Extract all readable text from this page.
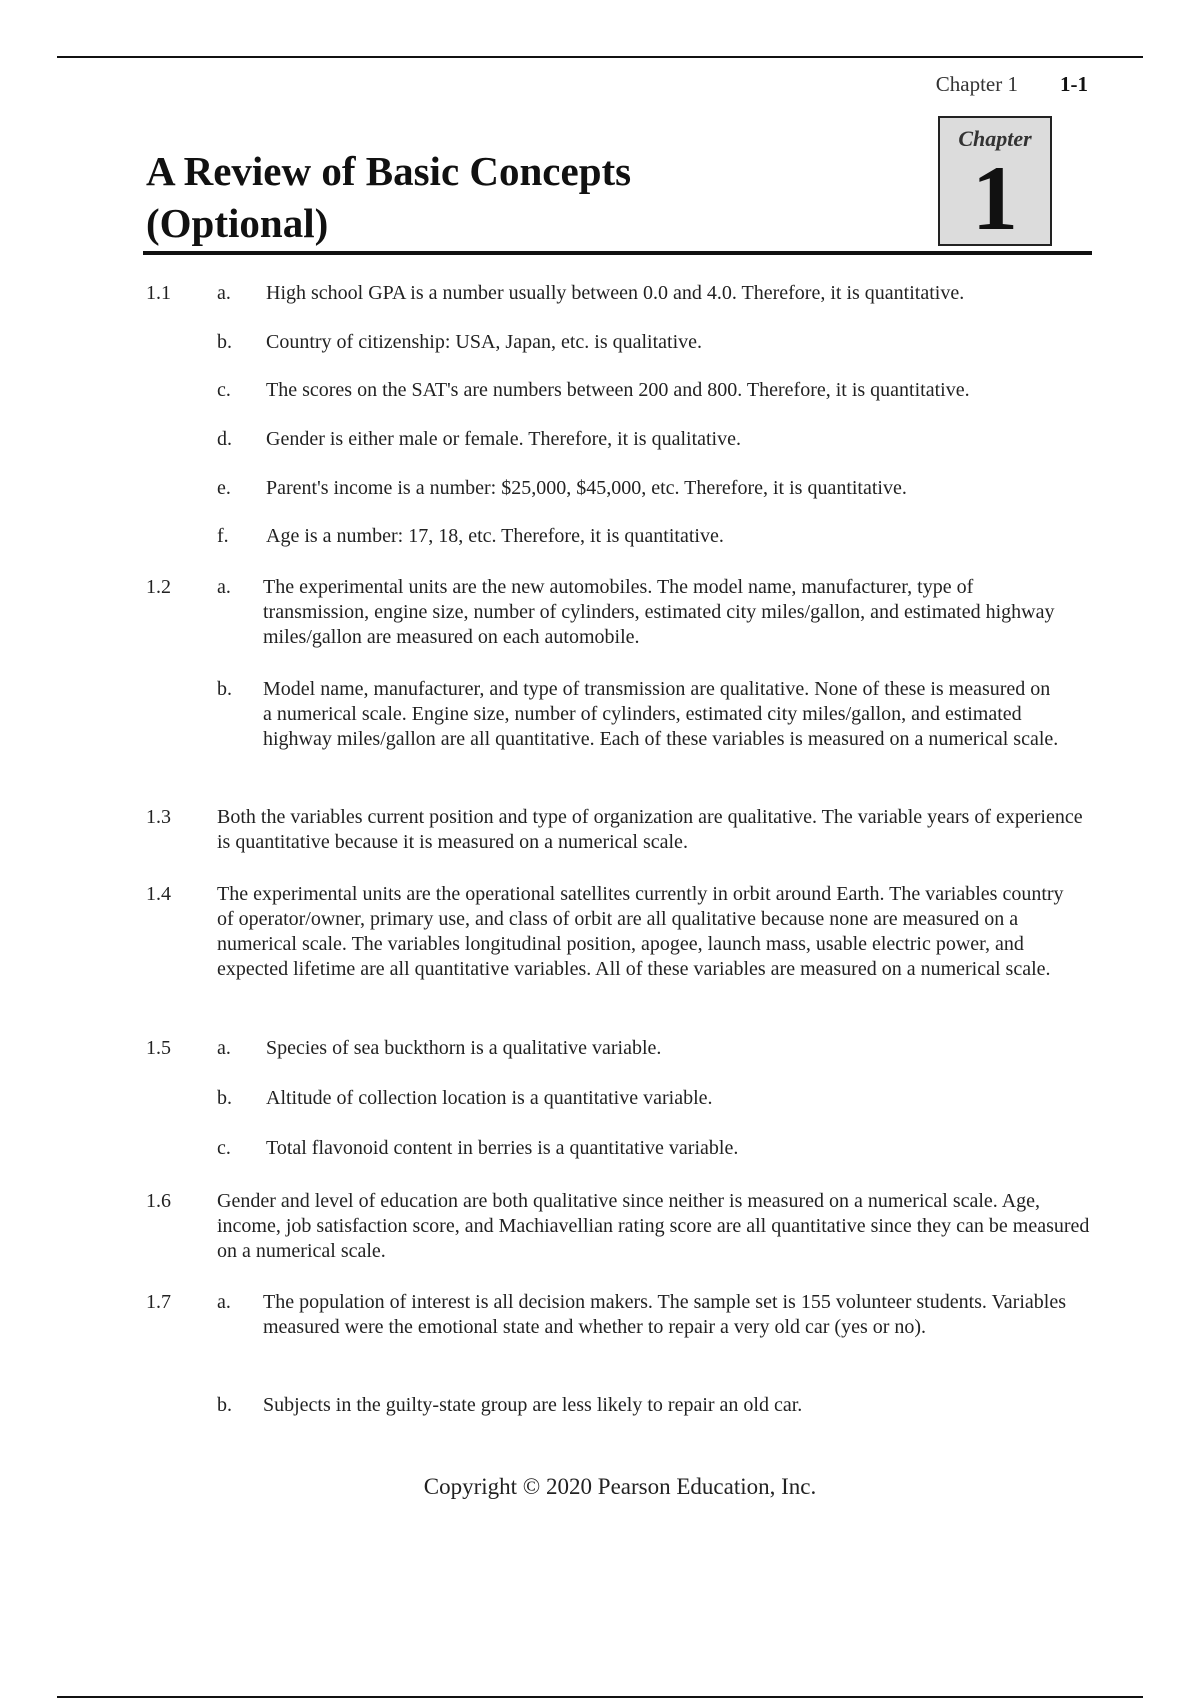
Chapter 1 1-1
Chapter
1
A Review of Basic Concepts
(Optional)
1.1 a. High school GPA is a number usually between 0.0 and 4.0. Therefore, it is quantitative.
b. Country of citizenship: USA, Japan, etc. is qualitative.
c. The scores on the SAT's are numbers between 200 and 800. Therefore, it is quantitative.
d. Gender is either male or female. Therefore, it is qualitative.
e. Parent's income is a number: $25,000, $45,000, etc. Therefore, it is quantitative.
f. Age is a number: 17, 18, etc. Therefore, it is quantitative.
1.2 a. The experimental units are the new automobiles. The model name, manufacturer, type of transmission, engine size, number of cylinders, estimated city miles/gallon, and estimated highway miles/gallon are measured on each automobile.
b. Model name, manufacturer, and type of transmission are qualitative. None of these is measured on a numerical scale. Engine size, number of cylinders, estimated city miles/gallon, and estimated highway miles/gallon are all quantitative. Each of these variables is measured on a numerical scale.
1.3 Both the variables current position and type of organization are qualitative. The variable years of experience is quantitative because it is measured on a numerical scale.
1.4 The experimental units are the operational satellites currently in orbit around Earth. The variables country of operator/owner, primary use, and class of orbit are all qualitative because none are measured on a numerical scale. The variables longitudinal position, apogee, launch mass, usable electric power, and expected lifetime are all quantitative variables. All of these variables are measured on a numerical scale.
1.5 a. Species of sea buckthorn is a qualitative variable.
b. Altitude of collection location is a quantitative variable.
c. Total flavonoid content in berries is a quantitative variable.
1.6 Gender and level of education are both qualitative since neither is measured on a numerical scale. Age, income, job satisfaction score, and Machiavellian rating score are all quantitative since they can be measured on a numerical scale.
1.7 a. The population of interest is all decision makers. The sample set is 155 volunteer students. Variables measured were the emotional state and whether to repair a very old car (yes or no).
b. Subjects in the guilty-state group are less likely to repair an old car.
Copyright © 2020 Pearson Education, Inc.
